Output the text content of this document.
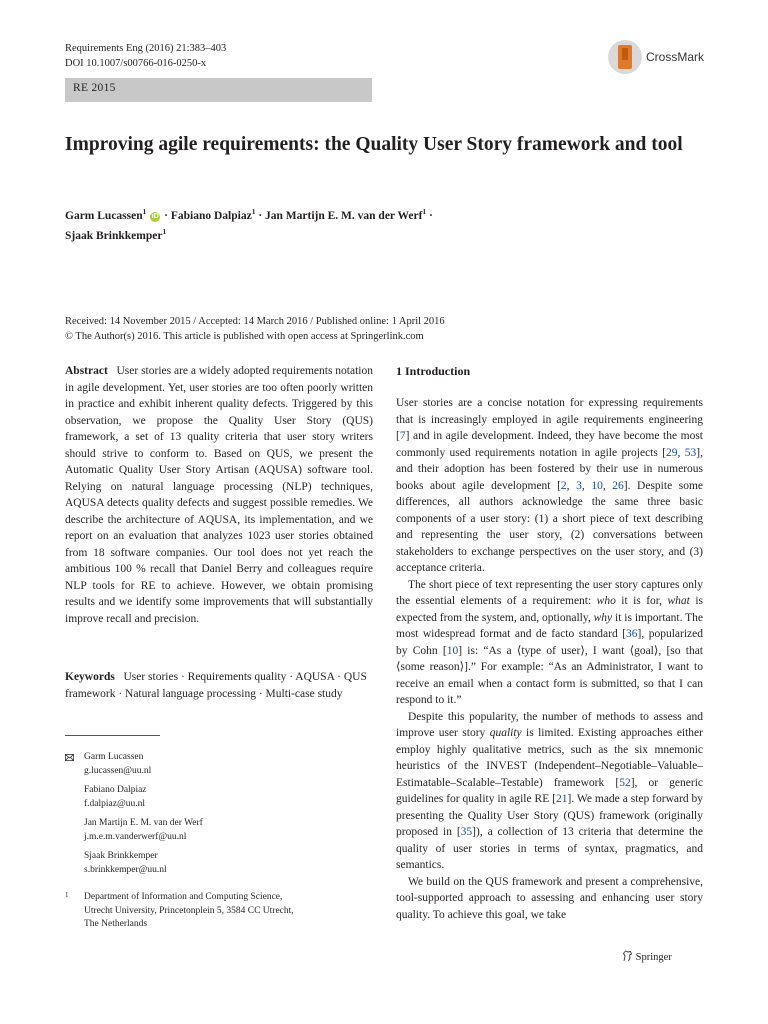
Requirements Eng (2016) 21:383–403
DOI 10.1007/s00766-016-0250-x	CrossMark
RE 2015
Improving agile requirements: the Quality User Story framework and tool
Garm Lucassen$^1$ iD · Fabiano Dalpiaz$^1$ · Jan Martijn E. M. van der Werf$^1$ ·
Sjaak Brinkkemper$^1$
Received: 14 November 2015 / Accepted: 14 March 2016 / Published online: 1 April 2016
© The Author(s) 2016. This article is published with open access at Springerlink.com

Abstract User stories are a widely adopted requirements notation in agile development. Yet, user stories are too often poorly written in practice and exhibit inherent quality defects. Triggered by this observation, we propose the Quality User Story (QUS) framework, a set of 13 quality criteria that user story writers should strive to conform to. Based on QUS, we present the Automatic Quality User Story Artisan (AQUSA) software tool. Relying on natural language processing (NLP) techniques, AQUSA detects quality defects and suggest possible remedies. We describe the architecture of AQUSA, its implementation, and we report on an evaluation that analyzes 1023 user stories obtained from 18 software companies. Our tool does not yet reach the ambitious 100 % recall that Daniel Berry and colleagues require NLP tools for RE to achieve. However, we obtain promising results and we identify some improvements that will substantially improve recall and precision.

Keywords User stories · Requirements quality · AQUSA · QUS framework · Natural language processing · Multi-case study

Garm Lucassen
g.lucassen@uu.nl
Fabiano Dalpiaz
f.dalpiaz@uu.nl
Jan Martijn E. M. van der Werf
j.m.e.m.vanderwerf@uu.nl
Sjaak Brinkkemper
s.brinkkemper@uu.nl
1 Department of Information and Computing Science,
Utrecht University, Princetonplein 5, 3584 CC Utrecht,
The Netherlands
1 Introduction

User stories are a concise notation for expressing requirements that is increasingly employed in agile requirements engineering [7] and in agile development. Indeed, they have become the most commonly used requirements notation in agile projects [29, 53], and their adoption has been fostered by their use in numerous books about agile development [2, 3, 10, 26]. Despite some differences, all authors acknowledge the same three basic components of a user story: (1) a short piece of text describing and representing the user story, (2) conversations between stakeholders to exchange perspectives on the user story, and (3) acceptance criteria.

The short piece of text representing the user story captures only the essential elements of a requirement: who it is for, what is expected from the system, and, optionally, why it is important. The most widespread format and de facto standard [36], popularized by Cohn [10] is: “As a ⟨type of user⟩, I want ⟨goal⟩, [so that ⟨some reason⟩].” For example: “As an Administrator, I want to receive an email when a contact form is submitted, so that I can respond to it.”

Despite this popularity, the number of methods to assess and improve user story quality is limited. Existing approaches either employ highly qualitative metrics, such as the six mnemonic heuristics of the INVEST (Independent–Negotiable–Valuable–Estimatable–Scalable–Testable) framework [52], or generic guidelines for quality in agile RE [21]. We made a step forward by presenting the Quality User Story (QUS) framework (originally proposed in [35]), a collection of 13 criteria that determine the quality of user stories in terms of syntax, pragmatics, and semantics.

We build on the QUS framework and present a comprehensive, tool-supported approach to assessing and enhancing user story quality. To achieve this goal, we take

Springer
